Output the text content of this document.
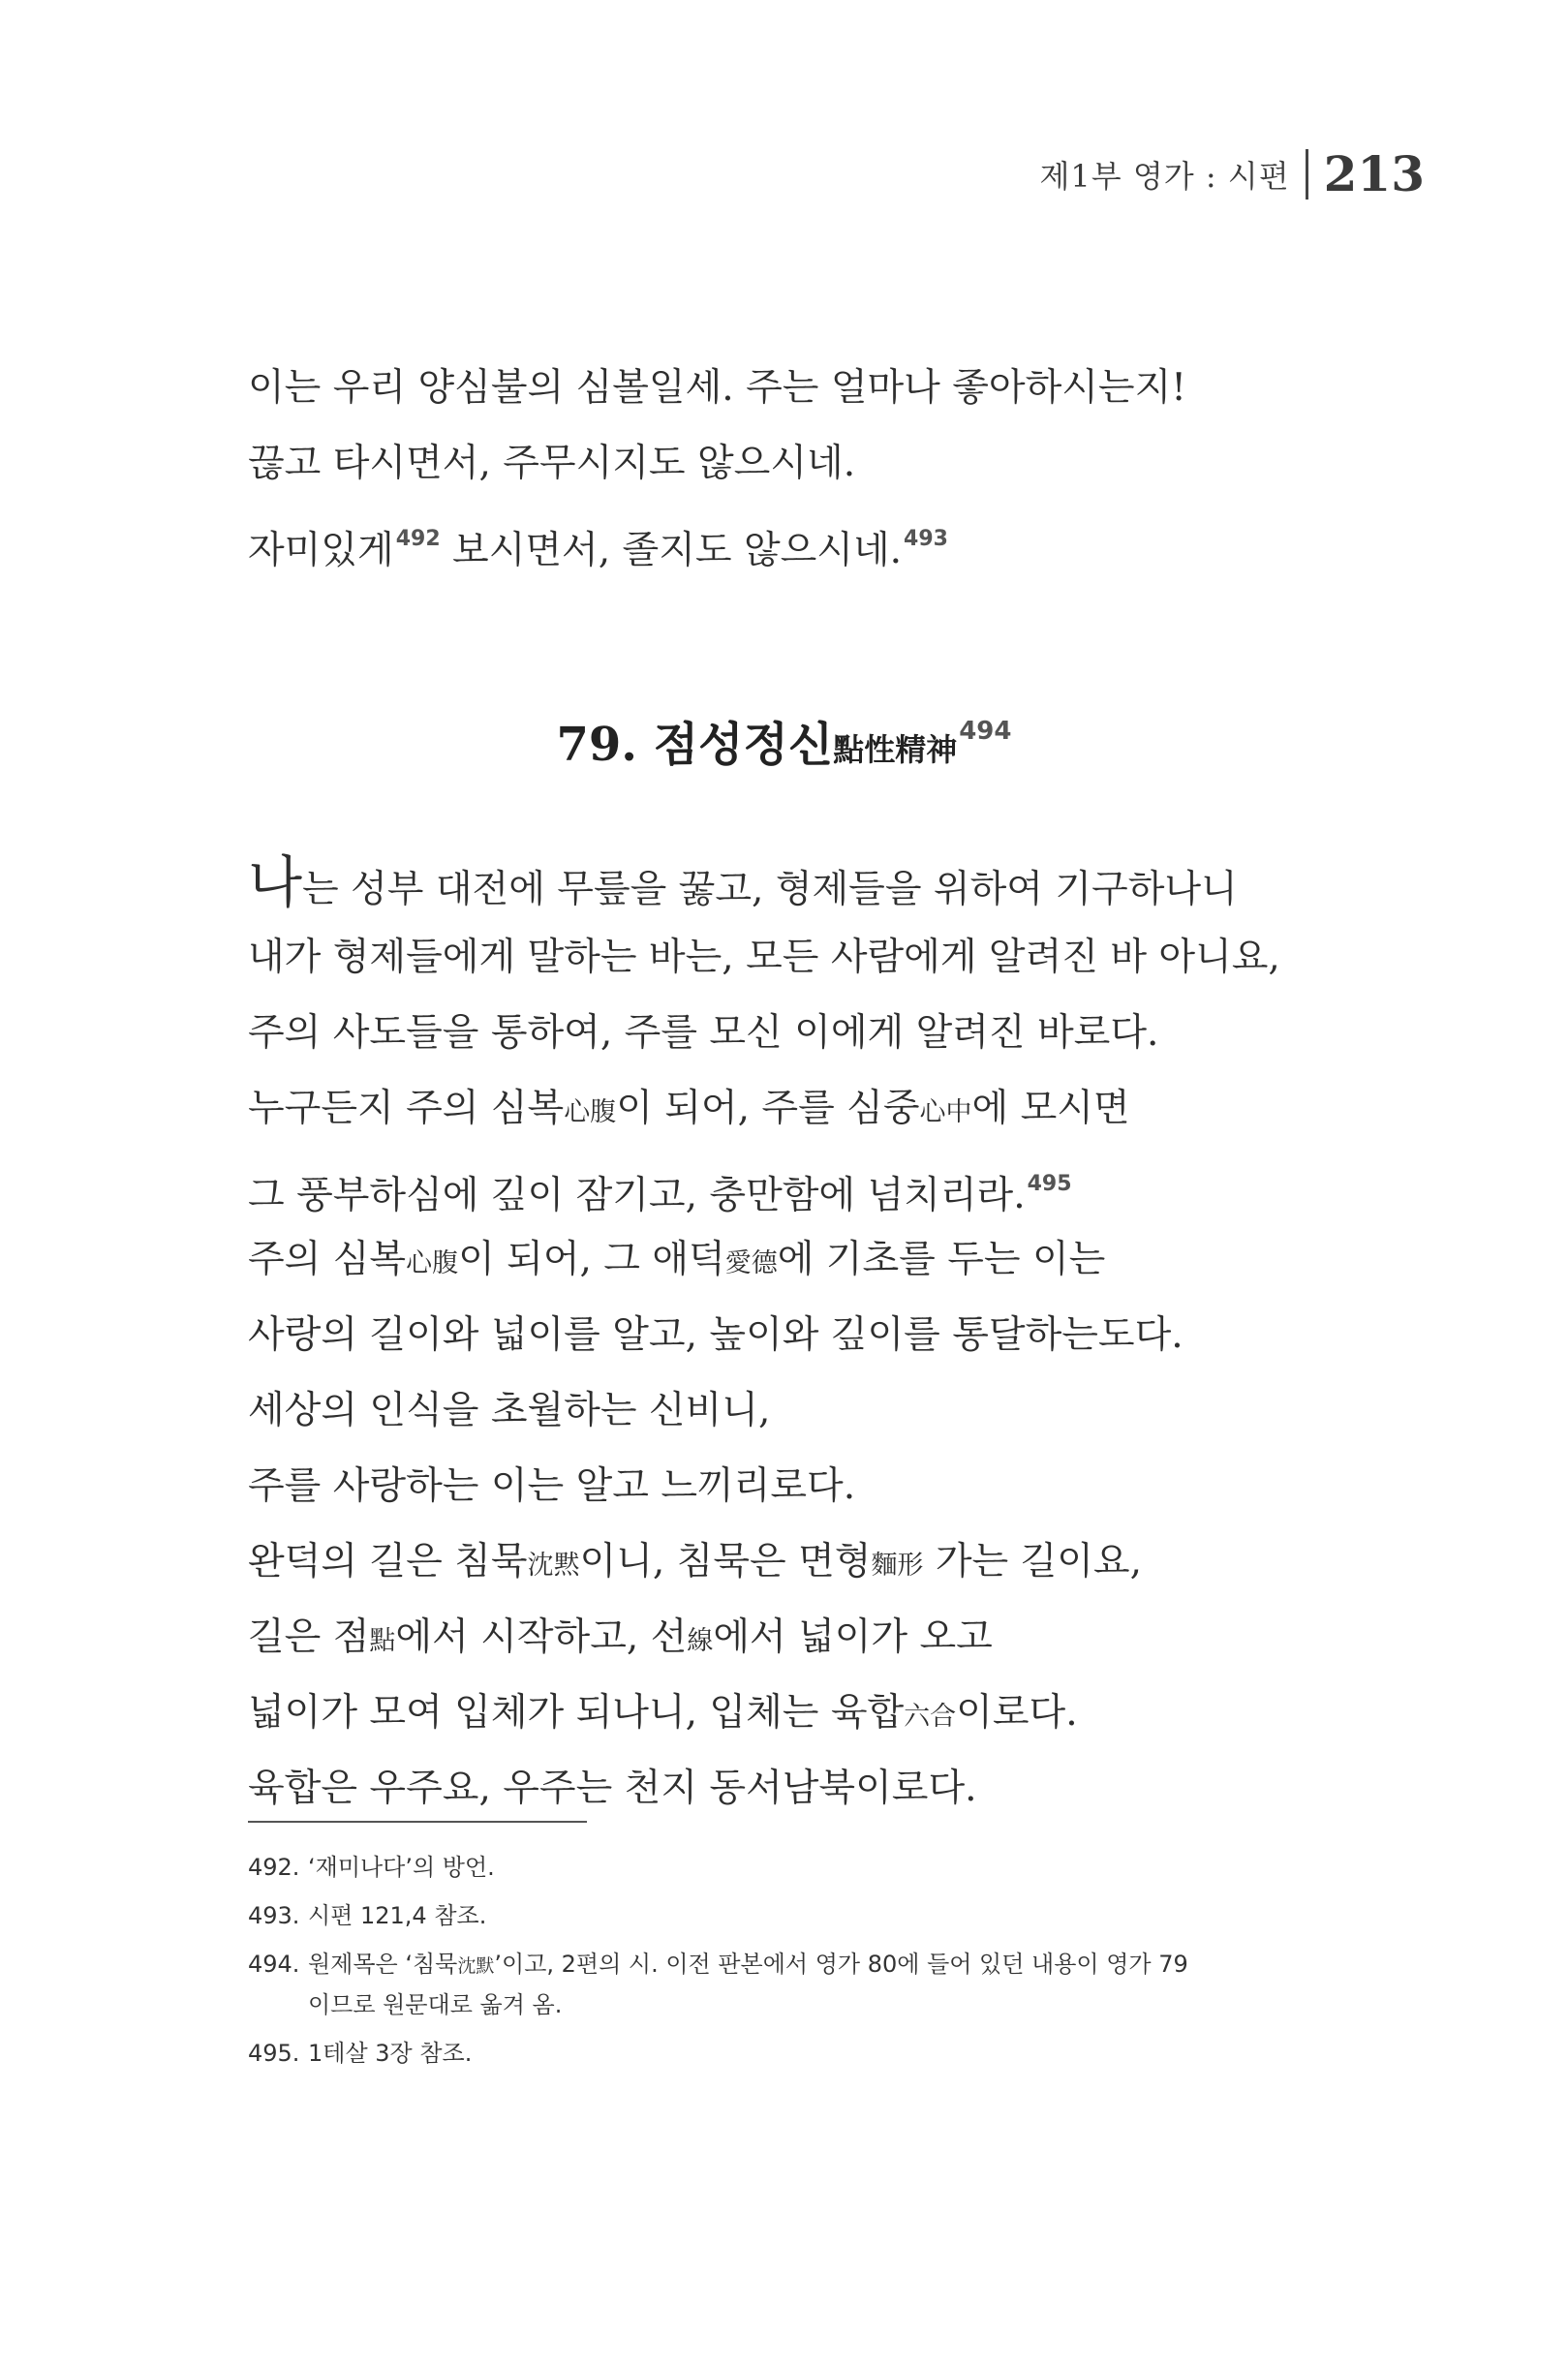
제1부 영가 : 시편 213
이는 우리 양심불의 심볼일세. 주는 얼마나 좋아하시는지!
끊고 타시면서, 주무시지도 않으시네.
자미있게$^{492}$ 보시면서, 졸지도 않으시네.$^{493}$
79. 점성정신點性精神$^{494}$
나는 성부 대전에 무릎을 꿇고, 형제들을 위하여 기구하나니
내가 형제들에게 말하는 바는, 모든 사람에게 알려진 바 아니요,
주의 사도들을 통하여, 주를 모신 이에게 알려진 바로다.
누구든지 주의 심복心腹이 되어, 주를 심중心中에 모시면
그 풍부하심에 깊이 잠기고, 충만함에 넘치리라.$^{495}$
주의 심복心腹이 되어, 그 애덕愛德에 기초를 두는 이는
사랑의 길이와 넓이를 알고, 높이와 깊이를 통달하는도다.
세상의 인식을 초월하는 신비니,
주를 사랑하는 이는 알고 느끼리로다.
완덕의 길은 침묵沈黙이니, 침묵은 면형麵形 가는 길이요,
길은 점點에서 시작하고, 선線에서 넓이가 오고
넓이가 모여 입체가 되나니, 입체는 육합六合이로다.
육합은 우주요, 우주는 천지 동서남북이로다.
492. ‘재미나다’의 방언.
493. 시편 121,4 참조.
494. 원제목은 ‘침묵沈默’이고, 2편의 시. 이전 판본에서 영가 80에 들어 있던 내용이 영가 79
이므로 원문대로 옮겨 옴.
495. 1테살 3장 참조.
